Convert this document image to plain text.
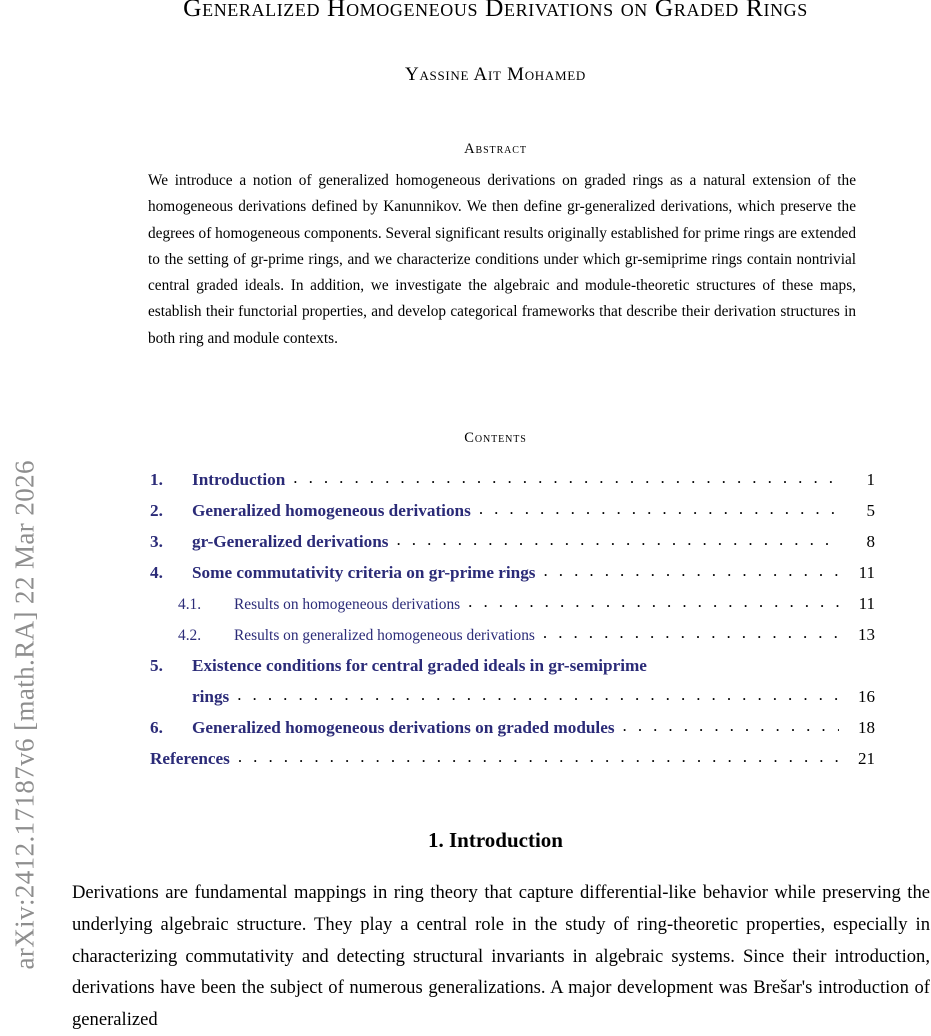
arXiv:2412.17187v6 [math.RA] 22 Mar 2026
Generalized Homogeneous Derivations on Graded Rings
Yassine Ait Mohamed
Abstract

We introduce a notion of generalized homogeneous derivations on graded rings as a natural extension of the homogeneous derivations defined by Kanunnikov. We then define gr-generalized derivations, which preserve the degrees of homogeneous components. Several significant results originally established for prime rings are extended to the setting of gr-prime rings, and we characterize conditions under which gr-semiprime rings contain nontrivial central graded ideals. In addition, we investigate the algebraic and module-theoretic structures of these maps, establish their functorial properties, and develop categorical frameworks that describe their derivation structures in both ring and module contexts.

Contents
1.	Introduction . . .	1
2.	Generalized homogeneous derivations . . .	5
3.	gr-Generalized derivations . . .	8
4.	Some commutativity criteria on gr-prime rings . . .	11
4.1.	Results on homogeneous derivations . . .	11
4.2.	Results on generalized homogeneous derivations . . .	13
5.	Existence conditions for central graded ideals in gr-semiprime
rings . . .	16
6.	Generalized homogeneous derivations on graded modules . . .	18
References . . .	21
1. Introduction

Derivations are fundamental mappings in ring theory that capture differential-like behavior while preserving the underlying algebraic structure. They play a central role in the study of ring-theoretic properties, especially in characterizing commutativity and detecting structural invariants in algebraic systems. Since their introduction, derivations have been the subject of numerous generalizations. A major development was Brešar's introduction of generalized
